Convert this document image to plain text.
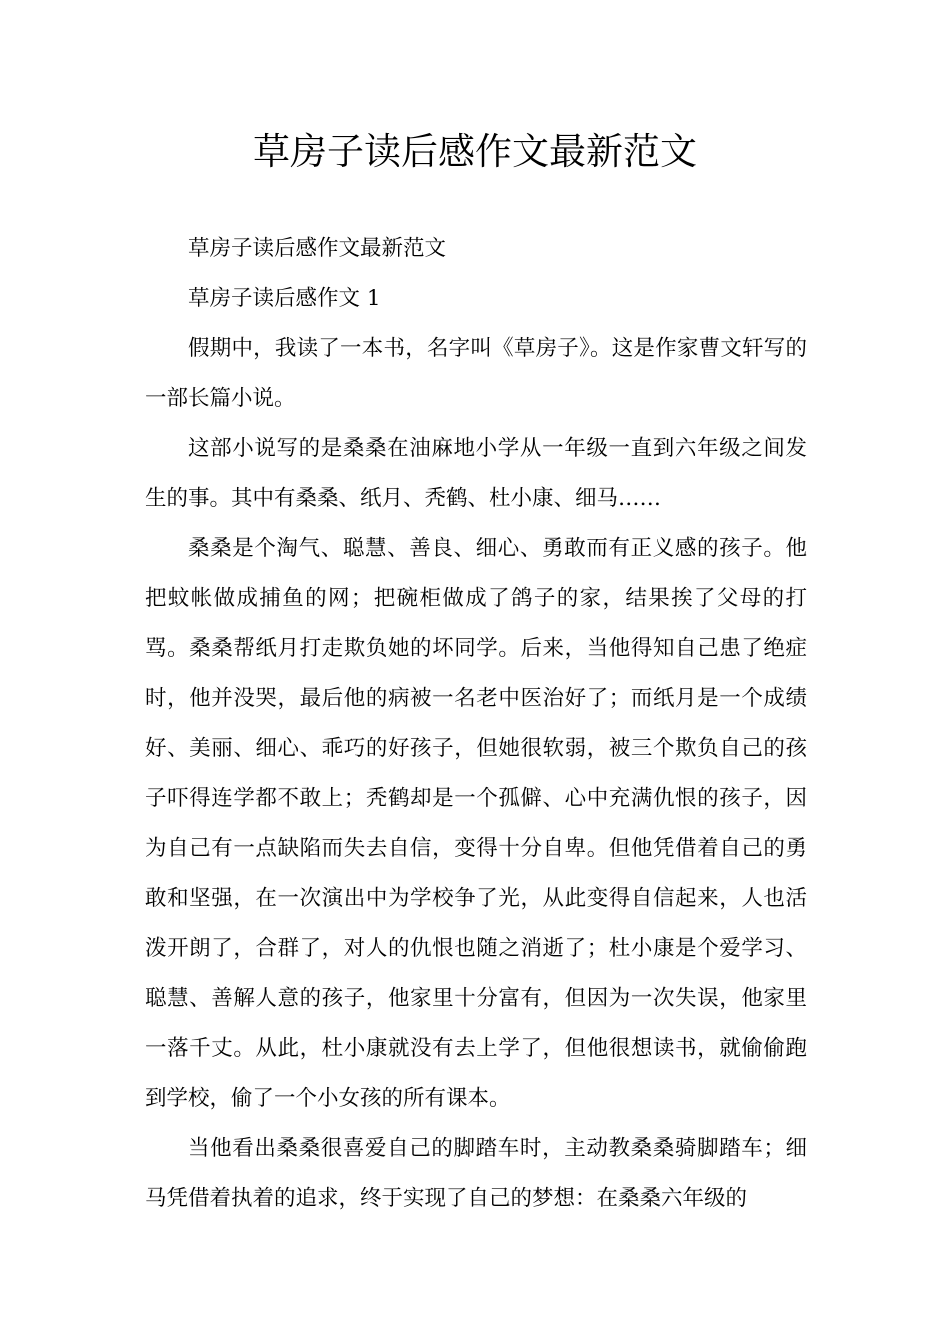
草房子读后感作文最新范文

草房子读后感作文最新范文

草房子读后感作文 1

假期中，我读了一本书，名字叫《草房子》。这是作家曹文轩写的一部长篇小说。

这部小说写的是桑桑在油麻地小学从一年级一直到六年级之间发生的事。其中有桑桑、纸月、秃鹤、杜小康、细马……

桑桑是个淘气、聪慧、善良、细心、勇敢而有正义感的孩子。他把蚊帐做成捕鱼的网；把碗柜做成了鸽子的家，结果挨了父母的打骂。桑桑帮纸月打走欺负她的坏同学。后来，当他得知自己患了绝症时，他并没哭，最后他的病被一名老中医治好了；而纸月是一个成绩好、美丽、细心、乖巧的好孩子，但她很软弱，被三个欺负自己的孩子吓得连学都不敢上；秃鹤却是一个孤僻、心中充满仇恨的孩子，因为自己有一点缺陷而失去自信，变得十分自卑。但他凭借着自己的勇敢和坚强，在一次演出中为学校争了光，从此变得自信起来，人也活泼开朗了，合群了，对人的仇恨也随之消逝了；杜小康是个爱学习、聪慧、善解人意的孩子，他家里十分富有，但因为一次失误，他家里一落千丈。从此，杜小康就没有去上学了，但他很想读书，就偷偷跑到学校，偷了一个小女孩的所有课本。

当他看出桑桑很喜爱自己的脚踏车时，主动教桑桑骑脚踏车；细马凭借着执着的追求，终于实现了自己的梦想：在桑桑六年级的
